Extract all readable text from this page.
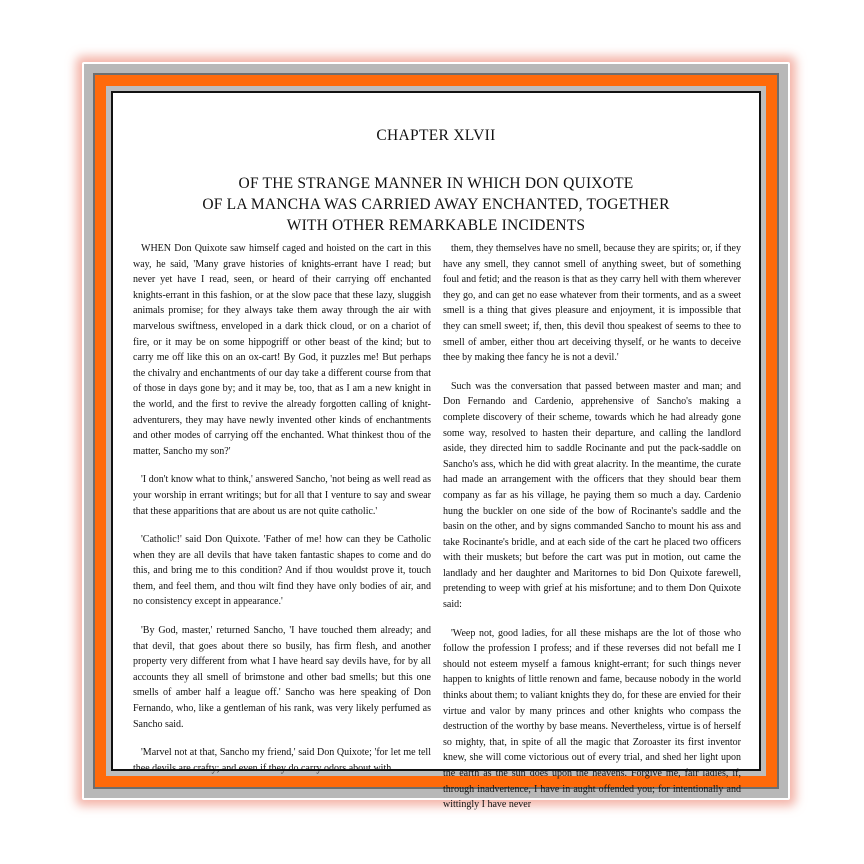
CHAPTER XLVII
OF THE STRANGE MANNER IN WHICH DON QUIXOTE
OF LA MANCHA WAS CARRIED AWAY ENCHANTED, TOGETHER
WITH OTHER REMARKABLE INCIDENTS

WHEN Don Quixote saw himself caged and hoisted on the cart in this way, he said, 'Many grave histories of knights-errant have I read; but never yet have I read, seen, or heard of their carrying off enchanted knights-errant in this fashion, or at the slow pace that these lazy, sluggish animals promise; for they always take them away through the air with marvelous swiftness, enveloped in a dark thick cloud, or on a chariot of fire, or it may be on some hippogriff or other beast of the kind; but to carry me off like this on an ox-cart! By God, it puzzles me! But perhaps the chivalry and enchantments of our day take a different course from that of those in days gone by; and it may be, too, that as I am a new knight in the world, and the first to revive the already forgotten calling of knight-adventurers, they may have newly invented other kinds of enchantments and other modes of carrying off the enchanted. What thinkest thou of the matter, Sancho my son?'

'I don't know what to think,' answered Sancho, 'not being as well read as your worship in errant writings; but for all that I venture to say and swear that these apparitions that are about us are not quite catholic.'

'Catholic!' said Don Quixote. 'Father of me! how can they be Catholic when they are all devils that have taken fantastic shapes to come and do this, and bring me to this condition? And if thou wouldst prove it, touch them, and feel them, and thou wilt find they have only bodies of air, and no consistency except in appearance.'

'By God, master,' returned Sancho, 'I have touched them already; and that devil, that goes about there so busily, has firm flesh, and another property very different from what I have heard say devils have, for by all accounts they all smell of brimstone and other bad smells; but this one smells of amber half a league off.' Sancho was here speaking of Don Fernando, who, like a gentleman of his rank, was very likely perfumed as Sancho said.

'Marvel not at that, Sancho my friend,' said Don Quixote; 'for let me tell thee devils are crafty; and even if they do carry odors about with

them, they themselves have no smell, because they are spirits; or, if they have any smell, they cannot smell of anything sweet, but of something foul and fetid; and the reason is that as they carry hell with them wherever they go, and can get no ease whatever from their torments, and as a sweet smell is a thing that gives pleasure and enjoyment, it is impossible that they can smell sweet; if, then, this devil thou speakest of seems to thee to smell of amber, either thou art deceiving thyself, or he wants to deceive thee by making thee fancy he is not a devil.'

Such was the conversation that passed between master and man; and Don Fernando and Cardenio, apprehensive of Sancho's making a complete discovery of their scheme, towards which he had already gone some way, resolved to hasten their departure, and calling the landlord aside, they directed him to saddle Rocinante and put the pack-saddle on Sancho's ass, which he did with great alacrity. In the meantime, the curate had made an arrangement with the officers that they should bear them company as far as his village, he paying them so much a day. Cardenio hung the buckler on one side of the bow of Rocinante's saddle and the basin on the other, and by signs commanded Sancho to mount his ass and take Rocinante's bridle, and at each side of the cart he placed two officers with their muskets; but before the cart was put in motion, out came the landlady and her daughter and Maritornes to bid Don Quixote farewell, pretending to weep with grief at his misfortune; and to them Don Quixote said:

'Weep not, good ladies, for all these mishaps are the lot of those who follow the profession I profess; and if these reverses did not befall me I should not esteem myself a famous knight-errant; for such things never happen to knights of little renown and fame, because nobody in the world thinks about them; to valiant knights they do, for these are envied for their virtue and valor by many princes and other knights who compass the destruction of the worthy by base means. Nevertheless, virtue is of herself so mighty, that, in spite of all the magic that Zoroaster its first inventor knew, she will come victorious out of every trial, and shed her light upon the earth as the sun does upon the heavens. Forgive me, fair ladies, if, through inadvertence, I have in aught offended you; for intentionally and wittingly I have never
